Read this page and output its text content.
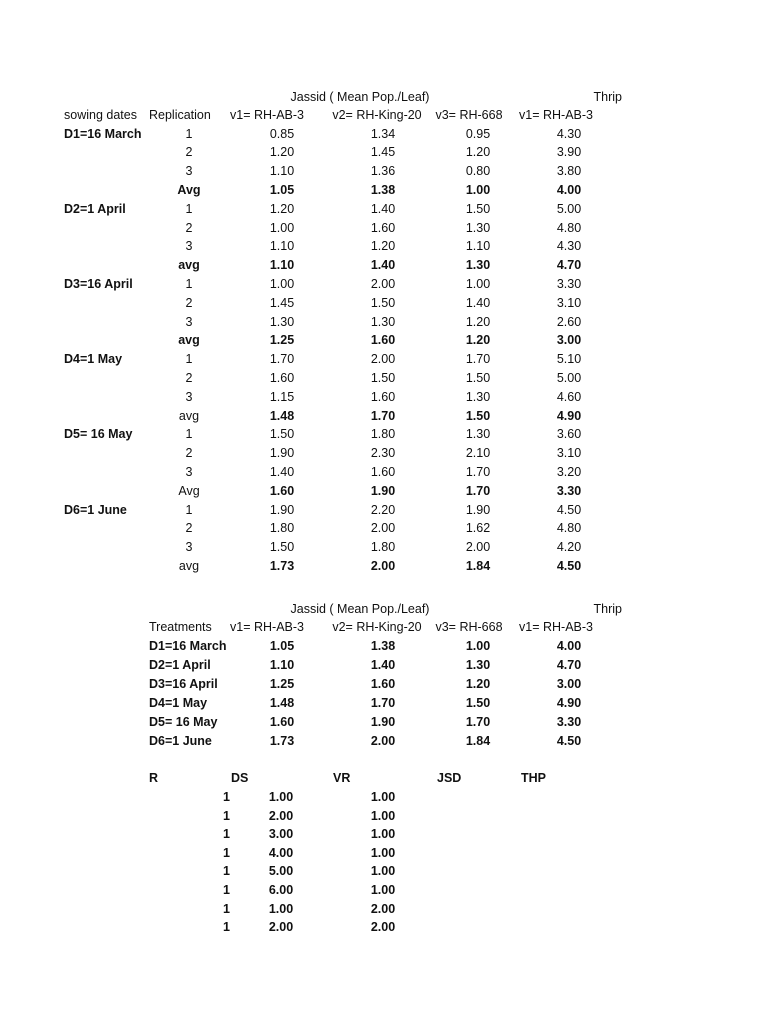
Jassid ( Mean Pop./Leaf)	Thrip
sowing dates Replication v1= RH-AB-3 v2= RH-King-20 v3= RH-668 v1= RH-AB-3
D1=16 March	1	0.85	1.34	0.95	4.30
2	1.20	1.45	1.20	3.90
3	1.10	1.36	0.80	3.80
Avg	1.05	1.38	1.00	4.00
D2=1 April	1	1.20	1.40	1.50	5.00
2	1.00	1.60	1.30	4.80
3	1.10	1.20	1.10	4.30
avg	1.10	1.40	1.30	4.70
D3=16 April	1	1.00	2.00	1.00	3.30
2	1.45	1.50	1.40	3.10
3	1.30	1.30	1.20	2.60
avg	1.25	1.60	1.20	3.00
D4=1 May	1	1.70	2.00	1.70	5.10
2	1.60	1.50	1.50	5.00
3	1.15	1.60	1.30	4.60
avg	1.48	1.70	1.50	4.90
D5= 16 May	1	1.50	1.80	1.30	3.60
2	1.90	2.30	2.10	3.10
3	1.40	1.60	1.70	3.20
Avg	1.60	1.90	1.70	3.30
D6=1 June	1	1.90	2.20	1.90	4.50
2	1.80	2.00	1.62	4.80
3	1.50	1.80	2.00	4.20
avg	1.73	2.00	1.84	4.50
Jassid ( Mean Pop./Leaf)	Thrip
Treatments v1= RH-AB-3 v2= RH-King-20 v3= RH-668 v1= RH-AB-3
D1=16 March	1.05	1.38	1.00	4.00
D2=1 April	1.10	1.40	1.30	4.70
D3=16 April	1.25	1.60	1.20	3.00
D4=1 May	1.48	1.70	1.50	4.90
D5= 16 May	1.60	1.90	1.70	3.30
D6=1 June	1.73	2.00	1.84	4.50
R	DS	VR	JSD	THP
1	1.00	1.00
1	2.00	1.00
1	3.00	1.00
1	4.00	1.00
1	5.00	1.00
1	6.00	1.00
1	1.00	2.00
1	2.00	2.00
